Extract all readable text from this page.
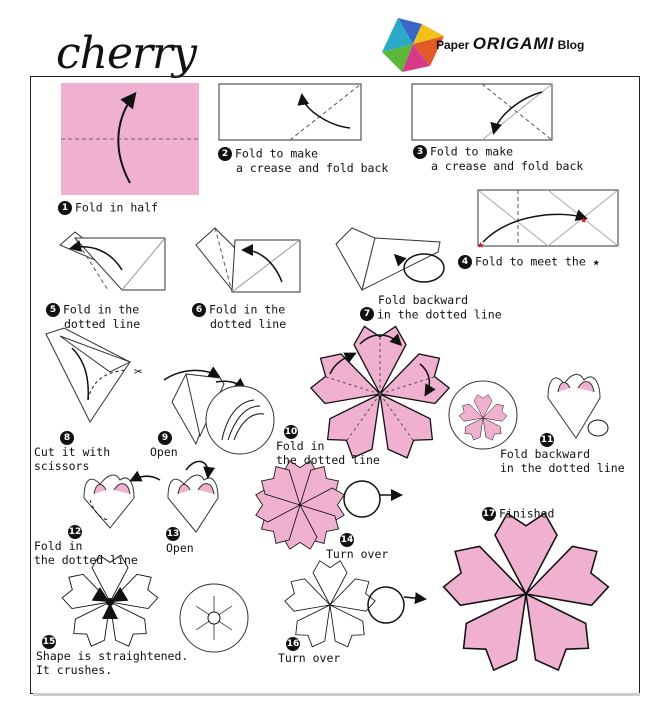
cherry	Paper ORIGAMI Blog
★
★
✂
1 Fold in half
2 Fold to make
a crease and fold back
3 Fold to make
a crease and fold back
4 Fold to meet the ★
5 Fold in the
dotted line
6 Fold in the
dotted line
Fold backward
7 in the dotted line
8
Cut it with
scissors
9
Open
10
Fold in
the dotted line
11
Fold backward
in the dotted line
12
Fold in
the dotted line
13
Open
14
Turn over
15
Shape is straightened.
It crushes.
16
Turn over
17 Finished
